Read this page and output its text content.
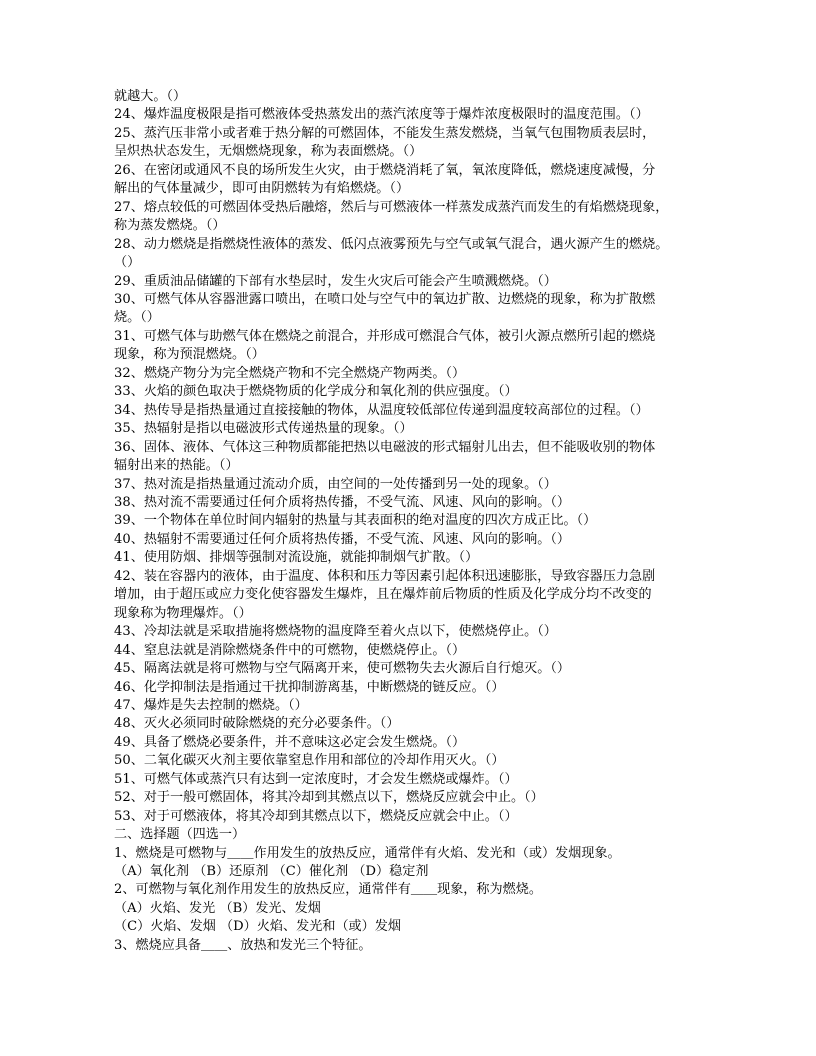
就越大。（）
24、爆炸温度极限是指可燃液体受热蒸发出的蒸汽浓度等于爆炸浓度极限时的温度范围。（）
25、蒸汽压非常小或者难于热分解的可燃固体，不能发生蒸发燃烧，当氧气包围物质表层时，
呈炽热状态发生，无烟燃烧现象，称为表面燃烧。（）
26、在密闭或通风不良的场所发生火灾，由于燃烧消耗了氧，氧浓度降低，燃烧速度减慢，分
解出的气体量减少，即可由阴燃转为有焰燃烧。（）
27、熔点较低的可燃固体受热后融熔，然后与可燃液体一样蒸发成蒸汽而发生的有焰燃烧现象，
称为蒸发燃烧。（）
28、动力燃烧是指燃烧性液体的蒸发、低闪点液雾预先与空气或氧气混合，遇火源产生的燃烧。
（）
29、重质油品储罐的下部有水垫层时，发生火灾后可能会产生喷溅燃烧。（）
30、可燃气体从容器泄露口喷出，在喷口处与空气中的氧边扩散、边燃烧的现象，称为扩散燃
烧。（）
31、可燃气体与助燃气体在燃烧之前混合，并形成可燃混合气体，被引火源点燃所引起的燃烧
现象，称为预混燃烧。（）
32、燃烧产物分为完全燃烧产物和不完全燃烧产物两类。（）
33、火焰的颜色取决于燃烧物质的化学成分和氧化剂的供应强度。（）
34、热传导是指热量通过直接接触的物体，从温度较低部位传递到温度较高部位的过程。（）
35、热辐射是指以电磁波形式传递热量的现象。（）
36、固体、液体、气体这三种物质都能把热以电磁波的形式辐射儿出去，但不能吸收别的物体
辐射出来的热能。（）
37、热对流是指热量通过流动介质，由空间的一处传播到另一处的现象。（）
38、热对流不需要通过任何介质将热传播，不受气流、风速、风向的影响。（）
39、一个物体在单位时间内辐射的热量与其表面积的绝对温度的四次方成正比。（）
40、热辐射不需要通过任何介质将热传播，不受气流、风速、风向的影响。（）
41、使用防烟、排烟等强制对流设施，就能抑制烟气扩散。（）
42、装在容器内的液体，由于温度、体积和压力等因素引起体积迅速膨胀，导致容器压力急剧
增加，由于超压或应力变化使容器发生爆炸，且在爆炸前后物质的性质及化学成分均不改变的
现象称为物理爆炸。（）
43、冷却法就是采取措施将燃烧物的温度降至着火点以下，使燃烧停止。（）
44、窒息法就是消除燃烧条件中的可燃物，使燃烧停止。（）
45、隔离法就是将可燃物与空气隔离开来，使可燃物失去火源后自行熄灭。（）
46、化学抑制法是指通过干扰抑制游离基，中断燃烧的链反应。（）
47、爆炸是失去控制的燃烧。（）
48、灭火必须同时破除燃烧的充分必要条件。（）
49、具备了燃烧必要条件，并不意味这必定会发生燃烧。（）
50、二氧化碳灭火剂主要依靠窒息作用和部位的冷却作用灭火。（）
51、可燃气体或蒸汽只有达到一定浓度时，才会发生燃烧或爆炸。（）
52、对于一般可燃固体，将其冷却到其燃点以下，燃烧反应就会中止。（）
53、对于可燃液体，将其冷却到其燃点以下，燃烧反应就会中止。（）
二、选择题（四选一）
1、燃烧是可燃物与＿＿作用发生的放热反应，通常伴有火焰、发光和（或）发烟现象。
（A）氧化剂 （B）还原剂 （C）催化剂 （D）稳定剂
2、可燃物与氧化剂作用发生的放热反应，通常伴有＿＿现象，称为燃烧。
（A）火焰、发光 （B）发光、发烟
（C）火焰、发烟 （D）火焰、发光和（或）发烟
3、燃烧应具备＿＿、放热和发光三个特征。
